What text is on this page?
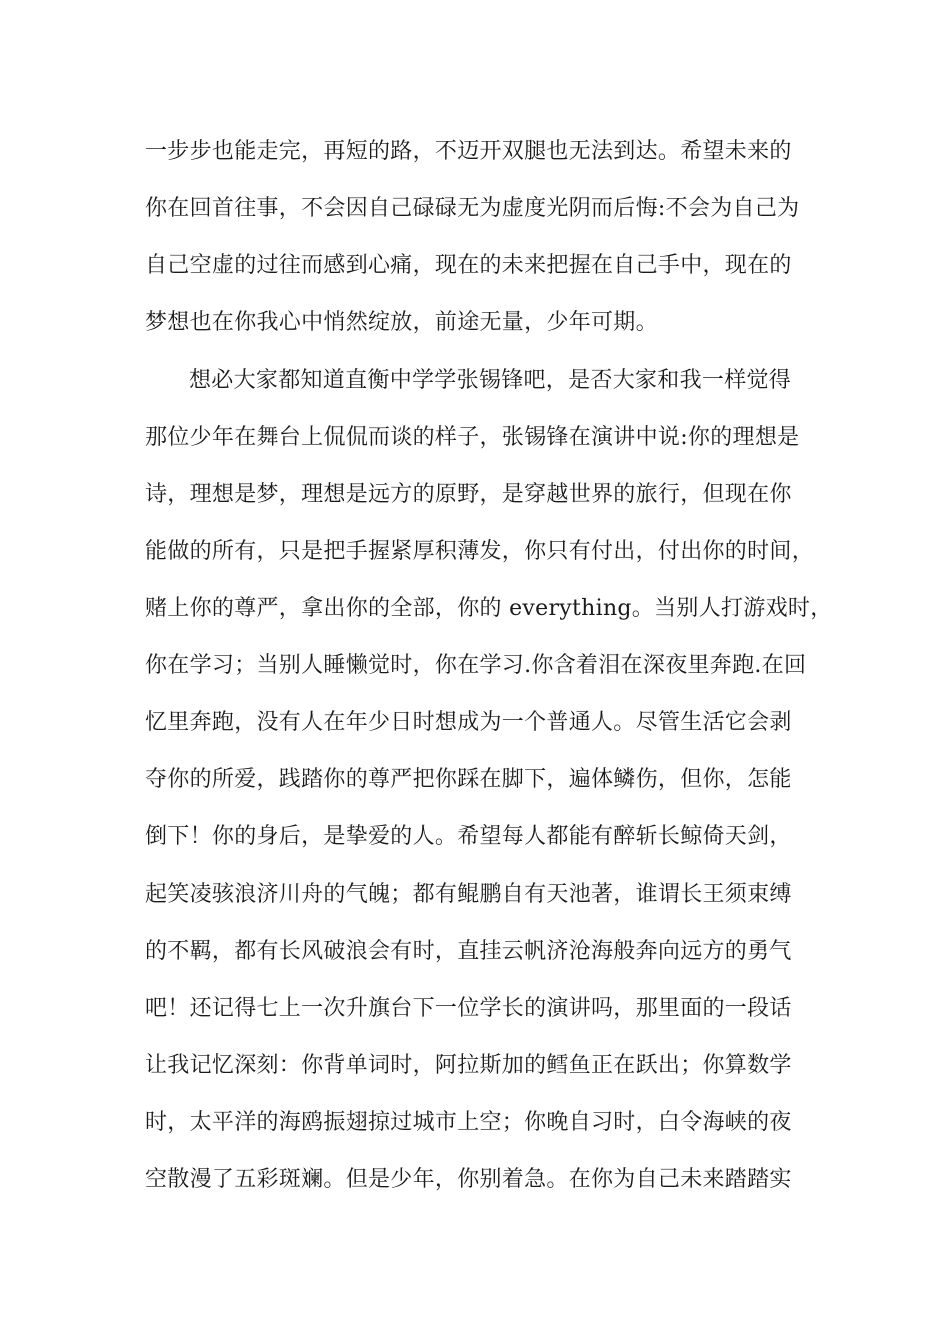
一步步也能走完，再短的路，不迈开双腿也无法到达。希望未来的
你在回首往事，不会因自己碌碌无为虚度光阴而后悔:不会为自己为
自己空虚的过往而感到心痛，现在的未来把握在自己手中，现在的
梦想也在你我心中悄然绽放，前途无量，少年可期。
想必大家都知道直衡中学学张锡锋吧，是否大家和我一样觉得
那位少年在舞台上侃侃而谈的样子，张锡锋在演讲中说:你的理想是
诗，理想是梦，理想是远方的原野，是穿越世界的旅行，但现在你
能做的所有，只是把手握紧厚积薄发，你只有付出，付出你的时间，
赌上你的尊严，拿出你的全部，你的 everything。当别人打游戏时，
你在学习；当别人睡懒觉时，你在学习.你含着泪在深夜里奔跑.在回
忆里奔跑，没有人在年少日时想成为一个普通人。尽管生活它会剥
夺你的所爱，践踏你的尊严把你踩在脚下，遍体鳞伤，但你，怎能
倒下！你的身后，是挚爱的人。希望每人都能有醉斩长鲸倚天剑，
起笑凌骇浪济川舟的气魄；都有鲲鹏自有天池著，谁谓长王须束缚
的不羁，都有长风破浪会有时，直挂云帆济沧海般奔向远方的勇气
吧！还记得七上一次升旗台下一位学长的演讲吗，那里面的一段话
让我记忆深刻：你背单词时，阿拉斯加的鳕鱼正在跃出；你算数学
时，太平洋的海鸥振翅掠过城市上空；你晚自习时，白令海峡的夜
空散漫了五彩斑斓。但是少年，你别着急。在你为自己未来踏踏实
